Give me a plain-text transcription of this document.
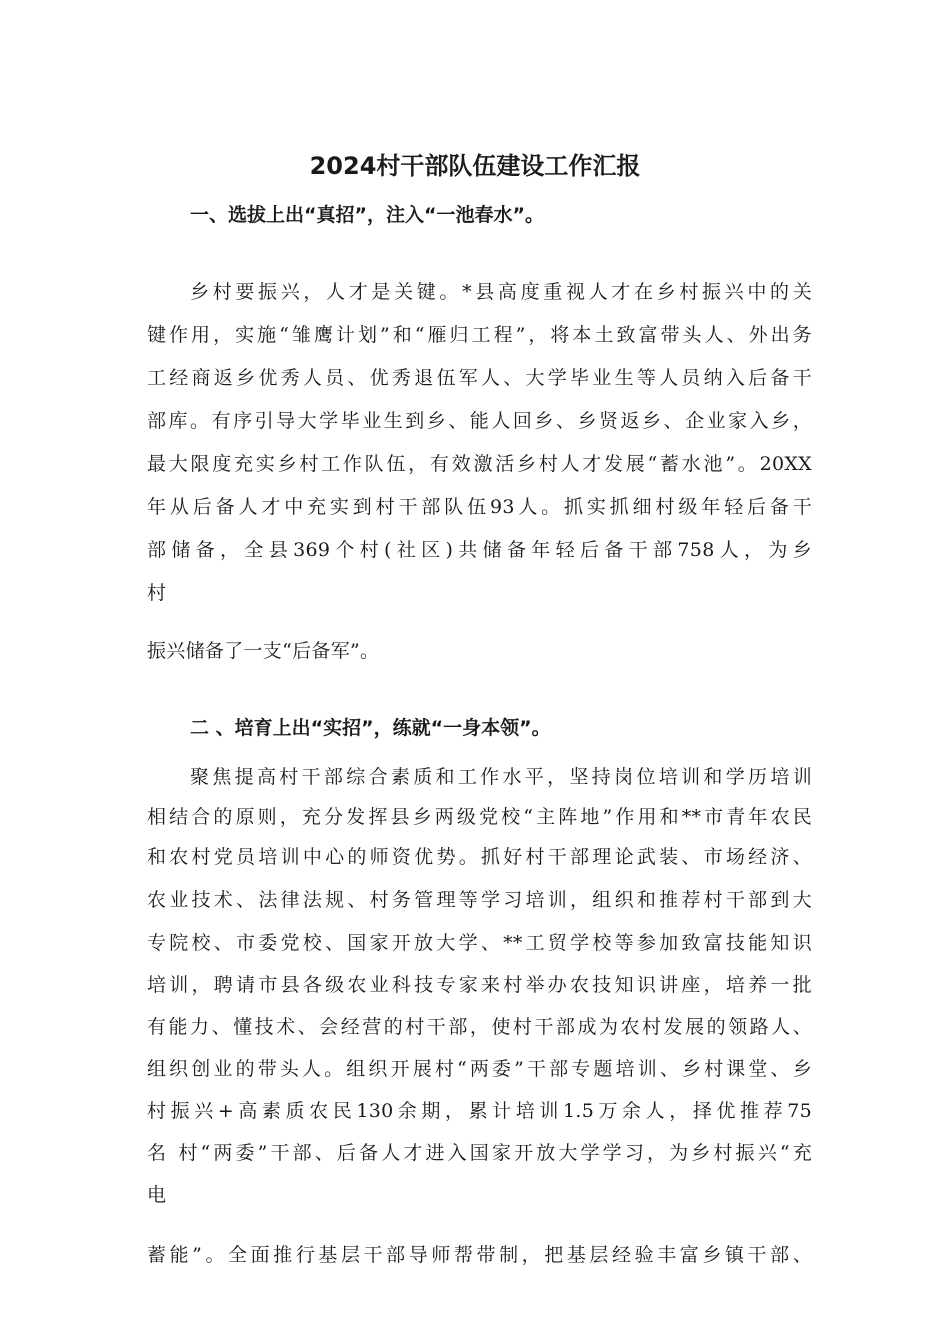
2024村干部队伍建设工作汇报
一、选拔上出“真招”，注入“一池春水”。
乡村要振兴，人才是关键。*县高度重视人才在乡村振兴中的关
键作用，实施“雏鹰计划”和“雁归工程”，将本土致富带头人、外出务
工经商返乡优秀人员、优秀退伍军人、大学毕业生等人员纳入后备干
部库。有序引导大学毕业生到乡、能人回乡、乡贤返乡、企业家入乡，
最大限度充实乡村工作队伍，有效激活乡村人才发展“蓄水池”。20XX
年从后备人才中充实到村干部队伍93人。抓实抓细村级年轻后备干
部储备，全县369个村(社区)共储备年轻后备干部758人，为乡
村
振兴储备了一支“后备军”。
二 、培育上出“实招”，练就“一身本领”。
聚焦提高村干部综合素质和工作水平，坚持岗位培训和学历培训
相结合的原则，充分发挥县乡两级党校“主阵地”作用和**市青年农民
和农村党员培训中心的师资优势。抓好村干部理论武装、市场经济、
农业技术、法律法规、村务管理等学习培训，组织和推荐村干部到大
专院校、市委党校、国家开放大学、**工贸学校等参加致富技能知识
培训，聘请市县各级农业科技专家来村举办农技知识讲座，培养一批
有能力、懂技术、会经营的村干部，使村干部成为农村发展的领路人、
组织创业的带头人。组织开展村“两委”干部专题培训、乡村课堂、乡
村振兴+高素质农民130余期，累计培训1.5万余人，择优推荐75
名 村“两委”干部、后备人才进入国家开放大学学习，为乡村振兴“充
电
蓄能”。全面推行基层干部导师帮带制，把基层经验丰富乡镇干部、
